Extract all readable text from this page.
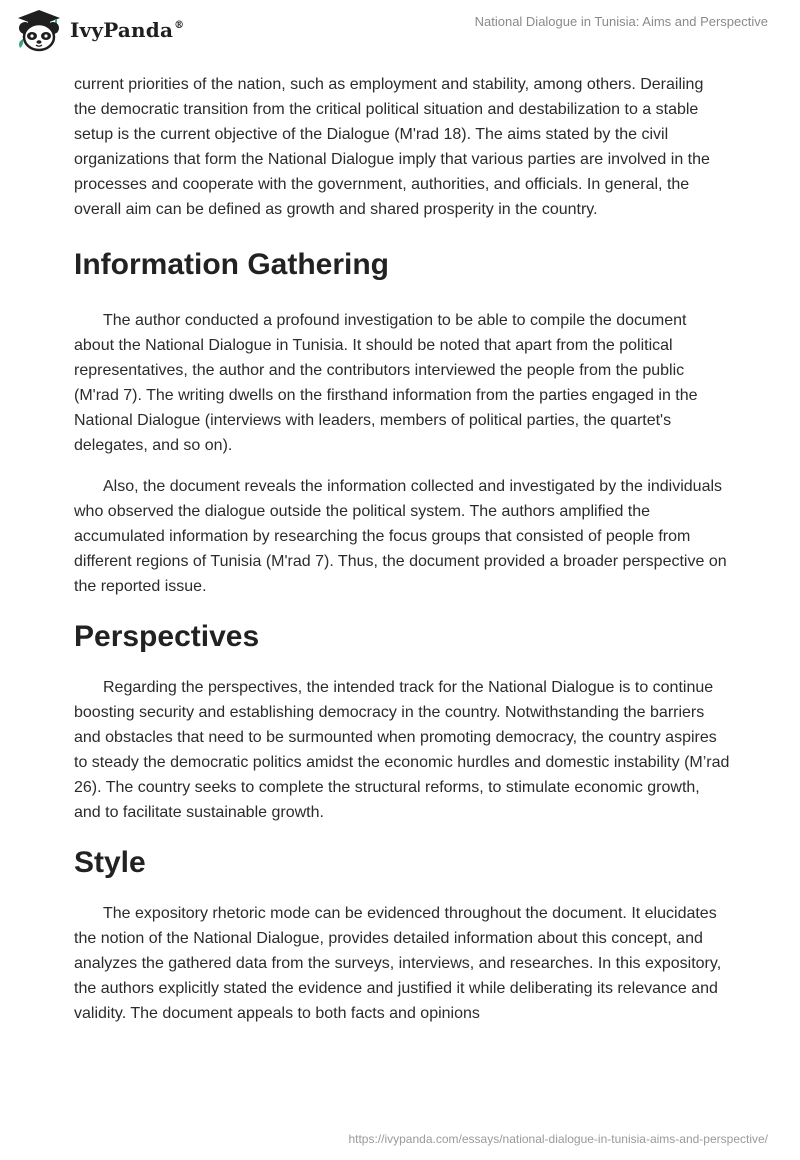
IvyPanda®	National Dialogue in Tunisia: Aims and Perspective

current priorities of the nation, such as employment and stability, among others. Derailing the democratic transition from the critical political situation and destabilization to a stable setup is the current objective of the Dialogue (M'rad 18). The aims stated by the civil organizations that form the National Dialogue imply that various parties are involved in the processes and cooperate with the government, authorities, and officials. In general, the overall aim can be defined as growth and shared prosperity in the country.

Information Gathering

The author conducted a profound investigation to be able to compile the document about the National Dialogue in Tunisia. It should be noted that apart from the political representatives, the author and the contributors interviewed the people from the public (M'rad 7). The writing dwells on the firsthand information from the parties engaged in the National Dialogue (interviews with leaders, members of political parties, the quartet's delegates, and so on).

Also, the document reveals the information collected and investigated by the individuals who observed the dialogue outside the political system. The authors amplified the accumulated information by researching the focus groups that consisted of people from different regions of Tunisia (M'rad 7). Thus, the document provided a broader perspective on the reported issue.

Perspectives

Regarding the perspectives, the intended track for the National Dialogue is to continue boosting security and establishing democracy in the country. Notwithstanding the barriers and obstacles that need to be surmounted when promoting democracy, the country aspires to steady the democratic politics amidst the economic hurdles and domestic instability (M’rad 26). The country seeks to complete the structural reforms, to stimulate economic growth, and to facilitate sustainable growth.

Style

The expository rhetoric mode can be evidenced throughout the document. It elucidates the notion of the National Dialogue, provides detailed information about this concept, and analyzes the gathered data from the surveys, interviews, and researches. In this expository, the authors explicitly stated the evidence and justified it while deliberating its relevance and validity. The document appeals to both facts and opinions

https://ivypanda.com/essays/national-dialogue-in-tunisia-aims-and-perspective/
